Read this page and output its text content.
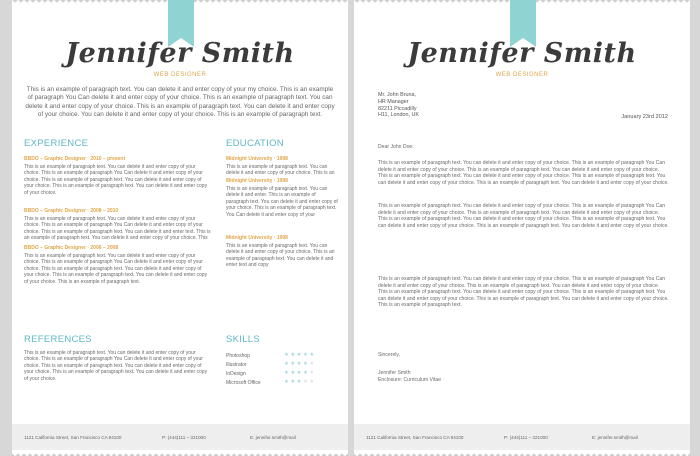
Jennifer Smith
WEB DESIGNER
This is an example of paragraph text. You can delete it and enter copy of your my choice. This is an example of paragraph You Can delete it and enter copy of your choice. This is an example of paragraph text. You can delete it and enter copy of your choice. This is an example of paragraph text. You can delete it and enter copy of your choice. You can delete it and enter copy of your choice. This is an example of paragraph text.
EXPERIENCE
BBDO – Graphic Designer · 2010 – present
This is an example of paragraph text. You can delete it and enter copy of your choice. This is an example of paragraph You Can delete it and enter copy of your choice. This is an example of paragraph text. You can delete it and enter copy of your choice. This is an example of paragraph text. You can delete it and enter copy of your choice.
BBDO – Graphic Designer · 2008 – 2010
This is an example of paragraph text. You can delete it and enter copy of your choice. This is an example of paragraph You Can delete it and enter copy of your choice. This is an example of paragraph text. You can delete it and enter text. This is an example of paragraph text. You can delete it and enter copy of your choice. This
BBDO – Graphic Designer · 2006 – 2008
This is an example of paragraph text. You can delete it and enter copy of your choice. This is an example of paragraph You Can delete it and enter copy of your choice. This is an example of paragraph text. You can delete it and enter copy of your choice. This is an example of paragraph text. You can delete it and enter copy of your choice. This is an example of paragraph text.
REFERENCES
This is an example of paragraph text. You can delete it and enter copy of your choice. This is an example of paragraph You Can delete it and enter copy of your choice. This is an example of paragraph text. You can delete it and enter copy of your choice. This is an example of paragraph text. You can delete it and enter copy of your choice.
EDUCATION
Midnight University · 1998
This is an example of paragraph text. You can delete it and enter copy of your choice. This is an
Midnight University · 1998
This is an example of paragraph text. You can delete it and enter. This is an example of paragraph text. You can delete it and enter copy of your choice. This is an example of paragraph text. You Can delete it and enter copy of your
Midnight University · 1998
This is an example of paragraph text. You can delete it and enter copy of your choice. This is an example of paragraph text. You can delete it and enter text and copy
SKILLS
Photoshop	★★★★★
Illustrator	★★★★★
InDesign	★★★★★
Microsoft Office	★★★★★
1121 California Street, San Francisco CA 94100	P: (444)111 – 321000	E: jennifer.smith@mail
Jennifer Smith
WEB DESIGNER
Mr. John Bruna,
HR Manager
82211 Piccadilly
H11, London, UK	January 23rd 2012
Dear John Doe:
This is an example of paragraph text. You can delete it and enter copy of your choice. This is an example of paragraph You Can delete it and enter copy of your choice. This is an example of paragraph text. You can delete it and enter copy of your choice. This is an example of paragraph text. You can delete it and enter copy of your choice. This is an example of paragraph text. You can delete it and enter copy of your choice. This is an example of paragraph text. You can delete it and enter copy of your choice.
This is an example of paragraph text. You can delete it and enter copy of your choice. This is an example of paragraph You Can delete it and enter copy of your choice. This is an example of paragraph text. You can delete it and enter copy of your choice. This is an example of paragraph text. You can delete it and enter copy of your choice. This is an example of paragraph text. You can delete it and enter copy of your choice. This is an example of paragraph text. You can delete it and enter copy of your choice.
This is an example of paragraph text. You can delete it and enter copy of your choice. This is an example of paragraph You Can delete it and enter copy of your choice. This is an example of paragraph text. You can delete it and enter copy of your choice. This is an example of paragraph text. You can delete it and enter copy of your choice. This is an example of paragraph text. You can delete it and enter copy of your choice. This is an example of paragraph text. You can delete it and enter copy of your choice. This is an example of paragraph text.
Sincerely,
Jennifer Smith
Enclosure: Curriculum Vitae
1121 California Street, San Francisco CA 94100	P: (444)111 – 321000	E: jennifer.smith@mail
